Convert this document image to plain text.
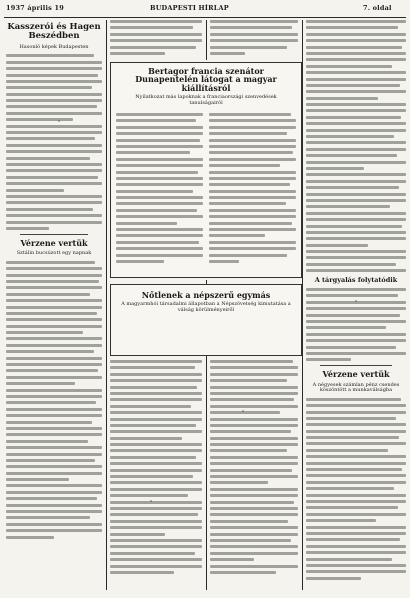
1937 április 19	BUDAPESTI HÍRLAP	7. oldal
Kasszerói és Hagen Beszédben
Hasonló képek Budapesten
Vérzene vertük
Sztálin bucsúzott egy napnak
Bertagor francia szenátor Dunapentelén látogat a magyar kiállításról
Nyilatkozat más lapoknak a franciaországi szenvedések tanulságairól
Nőtlenek a népszerű egymás
A magyarmhói társadalmi állapotban a Népszövetség kimutatása a válság körülményeiről
A tárgyalás folytatódik
Vérzene vertük
A négyesek számlan pénz csendes köszöntött a munkaválságba
